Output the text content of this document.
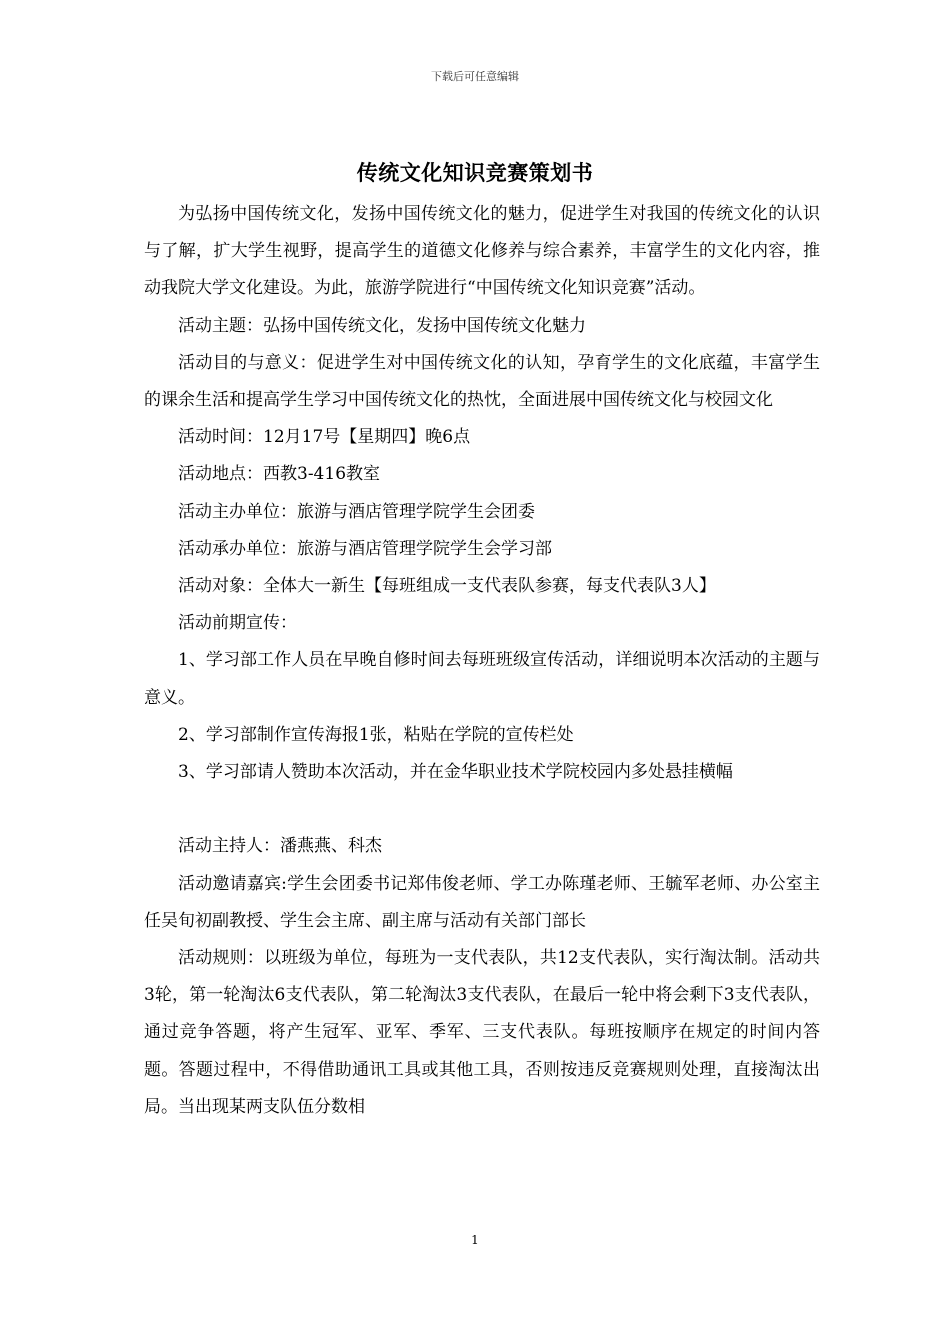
下载后可任意编辑
传统文化知识竞赛策划书

为弘扬中国传统文化，发扬中国传统文化的魅力，促进学生对我国的传统文化的认识与了解，扩大学生视野，提高学生的道德文化修养与综合素养，丰富学生的文化内容，推动我院大学文化建设。为此，旅游学院进行“中国传统文化知识竞赛”活动。

活动主题：弘扬中国传统文化，发扬中国传统文化魅力

活动目的与意义：促进学生对中国传统文化的认知，孕育学生的文化底蕴，丰富学生的课余生活和提高学生学习中国传统文化的热忱，全面进展中国传统文化与校园文化

活动时间：12月17号【星期四】晚6点

活动地点：西教3-416教室

活动主办单位：旅游与酒店管理学院学生会团委

活动承办单位：旅游与酒店管理学院学生会学习部

活动对象：全体大一新生【每班组成一支代表队参赛，每支代表队3人】

活动前期宣传：

1、学习部工作人员在早晚自修时间去每班班级宣传活动，详细说明本次活动的主题与意义。

2、学习部制作宣传海报1张，粘贴在学院的宣传栏处

3、学习部请人赞助本次活动，并在金华职业技术学院校园内多处悬挂横幅

活动主持人：潘燕燕、科杰

活动邀请嘉宾:学生会团委书记郑伟俊老师、学工办陈瑾老师、王毓军老师、办公室主任吴旬初副教授、学生会主席、副主席与活动有关部门部长

活动规则：以班级为单位，每班为一支代表队，共12支代表队，实行淘汰制。活动共3轮，第一轮淘汰6支代表队，第二轮淘汰3支代表队，在最后一轮中将会剩下3支代表队，通过竞争答题，将产生冠军、亚军、季军、三支代表队。每班按顺序在规定的时间内答题。答题过程中，不得借助通讯工具或其他工具，否则按违反竞赛规则处理，直接淘汰出局。当出现某两支队伍分数相

1
